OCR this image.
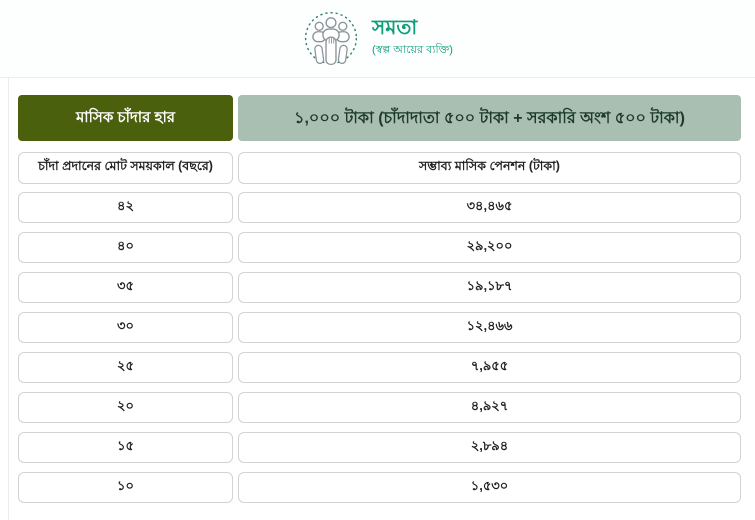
সমতা
(স্বল্প আয়ের ব্যক্তি)
মাসিক চাঁদার হার	১,০০০ টাকা (চাঁদাদাতা ৫০০ টাকা + সরকারি অংশ ৫০০ টাকা)
চাঁদা প্রদানের মোট সময়কাল (বছরে)	সম্ভাব্য মাসিক পেনশন (টাকা)
৪২	৩৪,৪৬৫
৪০	২৯,২০০
৩৫	১৯,১৮৭
৩০	১২,৪৬৬
২৫	৭,৯৫৫
২০	৪,৯২৭
১৫	২,৮৯৪
১০	১,৫৩০
